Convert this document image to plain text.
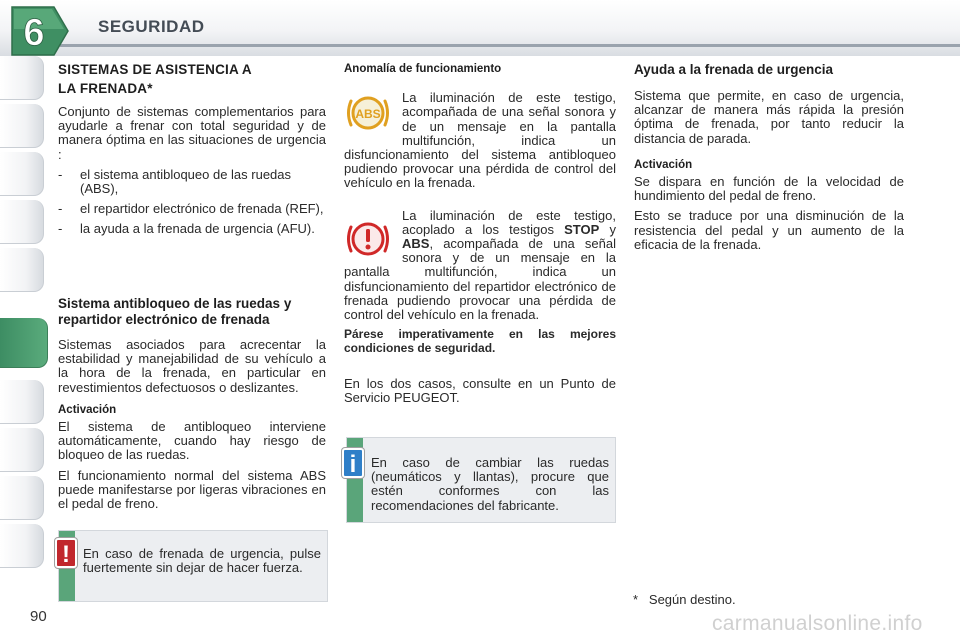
6	SEGURIDAD
SISTEMAS DE ASISTENCIA A
LA FRENADA*

Conjunto de sistemas complementarios para ayudarle a frenar con total seguridad y de manera óptima en las situaciones de urgencia :

- el sistema antibloqueo de las ruedas (ABS),
- el repartidor electrónico de frenada (REF),
- la ayuda a la frenada de urgencia (AFU).
Sistema antibloqueo de las ruedas y repartidor electrónico de frenada

Sistemas asociados para acrecentar la estabilidad y manejabilidad de su vehículo a la hora de la frenada, en particular en revestimientos defectuosos o deslizantes.

Activación

El sistema de antibloqueo interviene automáticamente, cuando hay riesgo de bloqueo de las ruedas.

El funcionamiento normal del sistema ABS puede manifestarse por ligeras vibraciones en el pedal de freno.

En caso de frenada de urgencia, pulse fuertemente sin dejar de hacer fuerza.
!
Anomalía de funcionamiento
ABS
La iluminación de este testigo, acompañada de una señal sonora y de un mensaje en la pantalla multifunción, indica un disfuncionamiento del sistema antibloqueo pudiendo provocar una pérdida de control del vehículo en la frenada.
La iluminación de este testigo, acoplado a los testigos STOP y ABS, acompañada de una señal sonora y de un mensaje en la pantalla multifunción, indica un disfuncionamiento del repartidor electrónico de frenada pudiendo provocar una pérdida de control del vehículo en la frenada.

Párese imperativamente en las mejores condiciones de seguridad.

En los dos casos, consulte en un Punto de Servicio PEUGEOT.

En caso de cambiar las ruedas (neumáticos y llantas), procure que estén conformes con las recomendaciones del fabricante.
i
Ayuda a la frenada de urgencia

Sistema que permite, en caso de urgencia, alcanzar de manera más rápida la presión óptima de frenada, por tanto reducir la distancia de parada.

Activación

Se dispara en función de la velocidad de hundimiento del pedal de freno.

Esto se traduce por una disminución de la resistencia del pedal y un aumento de la eficacia de la frenada.

*   Según destino.
90	carmanualsonline.info
